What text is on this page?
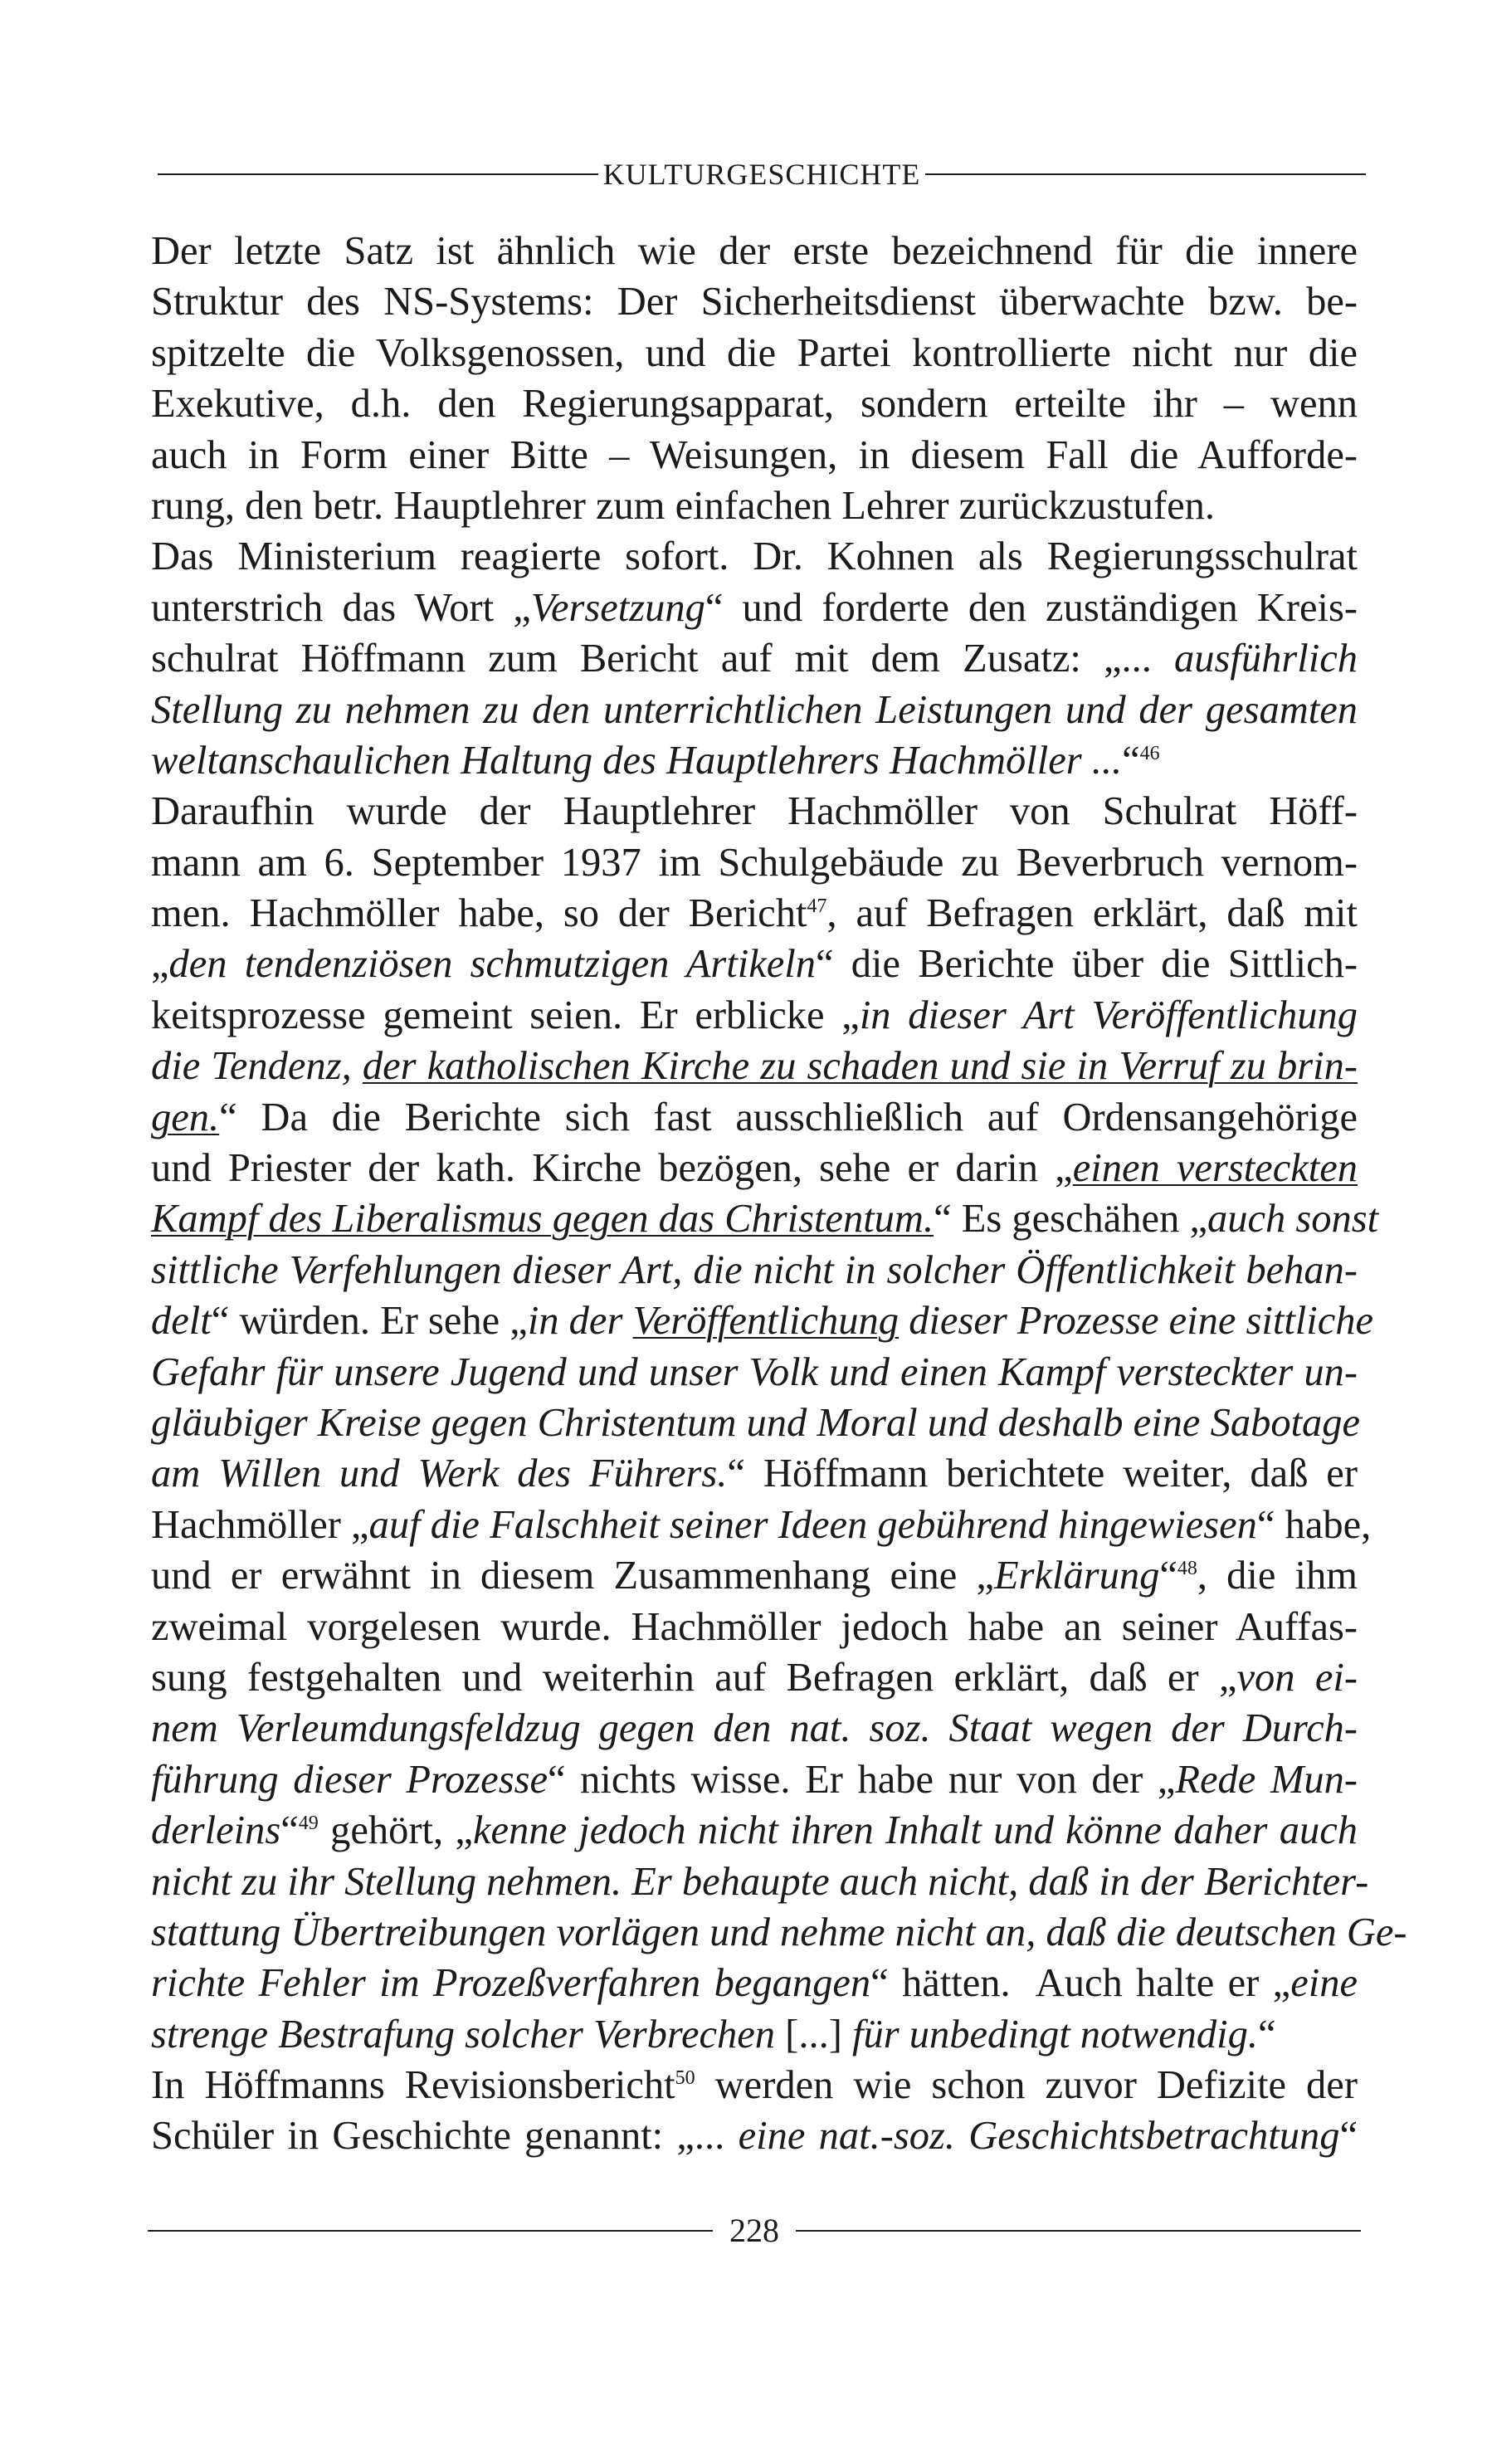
KULTURGESCHICHTE
Der letzte Satz ist ähnlich wie der erste bezeichnend für die innere
Struktur des NS-Systems: Der Sicherheitsdienst überwachte bzw. be-
spitzelte die Volksgenossen, und die Partei kontrollierte nicht nur die
Exekutive, d.h. den Regierungsapparat, sondern erteilte ihr – wenn
auch in Form einer Bitte – Weisungen, in diesem Fall die Aufforde-
rung, den betr. Hauptlehrer zum einfachen Lehrer zurückzustufen.
Das Ministerium reagierte sofort. Dr. Kohnen als Regierungsschulrat
unterstrich das Wort „Versetzung“ und forderte den zuständigen Kreis-
schulrat Höffmann zum Bericht auf mit dem Zusatz: „... ausführlich
Stellung zu nehmen zu den unterrichtlichen Leistungen und der gesamten
weltanschaulichen Haltung des Hauptlehrers Hachmöller ...“$^{46}$
Daraufhin wurde der Hauptlehrer Hachmöller von Schulrat Höff-
mann am 6. September 1937 im Schulgebäude zu Beverbruch vernom-
men. Hachmöller habe, so der Bericht$^{47}$, auf Befragen erklärt, daß mit
„den tendenziösen schmutzigen Artikeln“ die Berichte über die Sittlich-
keitsprozesse gemeint seien. Er erblicke „in dieser Art Veröffentlichung
die Tendenz, der katholischen Kirche zu schaden und sie in Verruf zu brin-
gen.“ Da die Berichte sich fast ausschließlich auf Ordensangehörige
und Priester der kath. Kirche bezögen, sehe er darin „einen versteckten
Kampf des Liberalismus gegen das Christentum.“ Es geschähen „auch sonst
sittliche Verfehlungen dieser Art, die nicht in solcher Öffentlichkeit behan-
delt“ würden. Er sehe „in der Veröffentlichung dieser Prozesse eine sittliche
Gefahr für unsere Jugend und unser Volk und einen Kampf versteckter un-
gläubiger Kreise gegen Christentum und Moral und deshalb eine Sabotage
am Willen und Werk des Führers.“ Höffmann berichtete weiter, daß er
Hachmöller „auf die Falschheit seiner Ideen gebührend hingewiesen“ habe,
und er erwähnt in diesem Zusammenhang eine „Erklärung“$^{48}$, die ihm
zweimal vorgelesen wurde. Hachmöller jedoch habe an seiner Auffas-
sung festgehalten und weiterhin auf Befragen erklärt, daß er „von ei-
nem Verleumdungsfeldzug gegen den nat. soz. Staat wegen der Durch-
führung dieser Prozesse“ nichts wisse. Er habe nur von der „Rede Mun-
derleins“$^{49}$ gehört, „kenne jedoch nicht ihren Inhalt und könne daher auch
nicht zu ihr Stellung nehmen. Er behaupte auch nicht, daß in der Berichter-
stattung Übertreibungen vorlägen und nehme nicht an, daß die deutschen Ge-
richte Fehler im Prozeßverfahren begangen“ hätten.  Auch halte er „eine
strenge Bestrafung solcher Verbrechen [...] für unbedingt notwendig.“
In Höffmanns Revisionsbericht$^{50}$ werden wie schon zuvor Defizite der
Schüler in Geschichte genannt: „... eine nat.-soz. Geschichtsbetrachtung“
228
